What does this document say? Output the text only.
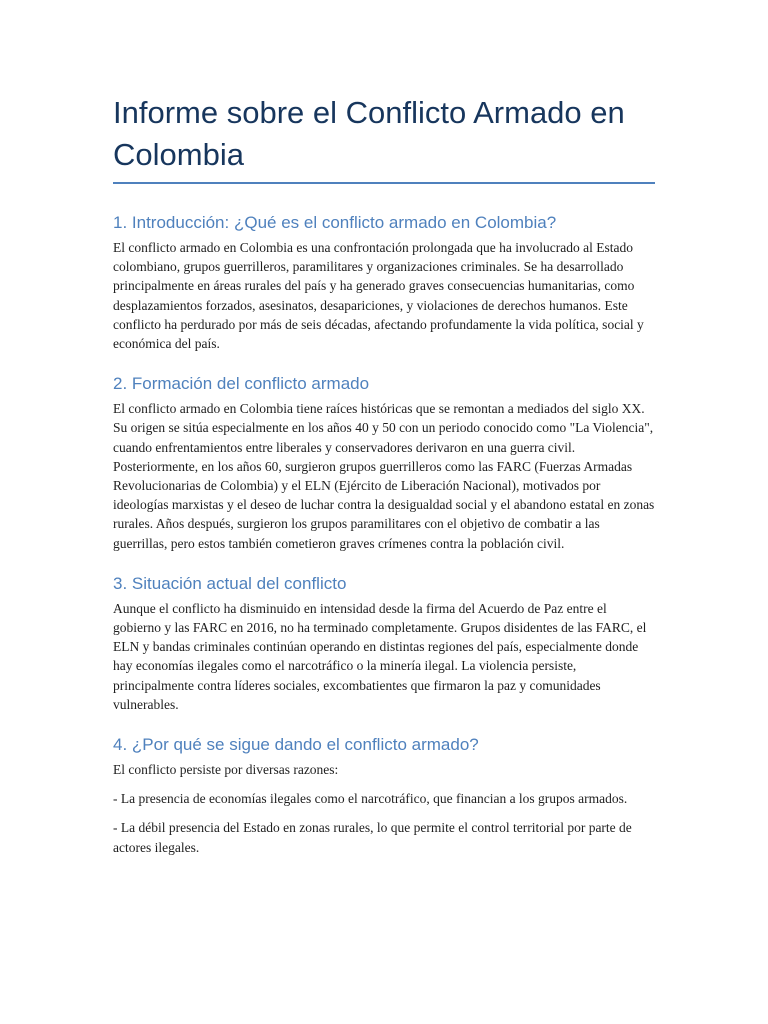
Informe sobre el Conflicto Armado en Colombia
1. Introducción: ¿Qué es el conflicto armado en Colombia?

El conflicto armado en Colombia es una confrontación prolongada que ha involucrado al Estado colombiano, grupos guerrilleros, paramilitares y organizaciones criminales. Se ha desarrollado principalmente en áreas rurales del país y ha generado graves consecuencias humanitarias, como desplazamientos forzados, asesinatos, desapariciones, y violaciones de derechos humanos. Este conflicto ha perdurado por más de seis décadas, afectando profundamente la vida política, social y económica del país.

2. Formación del conflicto armado

El conflicto armado en Colombia tiene raíces históricas que se remontan a mediados del siglo XX. Su origen se sitúa especialmente en los años 40 y 50 con un periodo conocido como "La Violencia", cuando enfrentamientos entre liberales y conservadores derivaron en una guerra civil. Posteriormente, en los años 60, surgieron grupos guerrilleros como las FARC (Fuerzas Armadas Revolucionarias de Colombia) y el ELN (Ejército de Liberación Nacional), motivados por ideologías marxistas y el deseo de luchar contra la desigualdad social y el abandono estatal en zonas rurales. Años después, surgieron los grupos paramilitares con el objetivo de combatir a las guerrillas, pero estos también cometieron graves crímenes contra la población civil.

3. Situación actual del conflicto

Aunque el conflicto ha disminuido en intensidad desde la firma del Acuerdo de Paz entre el gobierno y las FARC en 2016, no ha terminado completamente. Grupos disidentes de las FARC, el ELN y bandas criminales continúan operando en distintas regiones del país, especialmente donde hay economías ilegales como el narcotráfico o la minería ilegal. La violencia persiste, principalmente contra líderes sociales, excombatientes que firmaron la paz y comunidades vulnerables.

4. ¿Por qué se sigue dando el conflicto armado?

El conflicto persiste por diversas razones:

- La presencia de economías ilegales como el narcotráfico, que financian a los grupos armados.

- La débil presencia del Estado en zonas rurales, lo que permite el control territorial por parte de actores ilegales.
